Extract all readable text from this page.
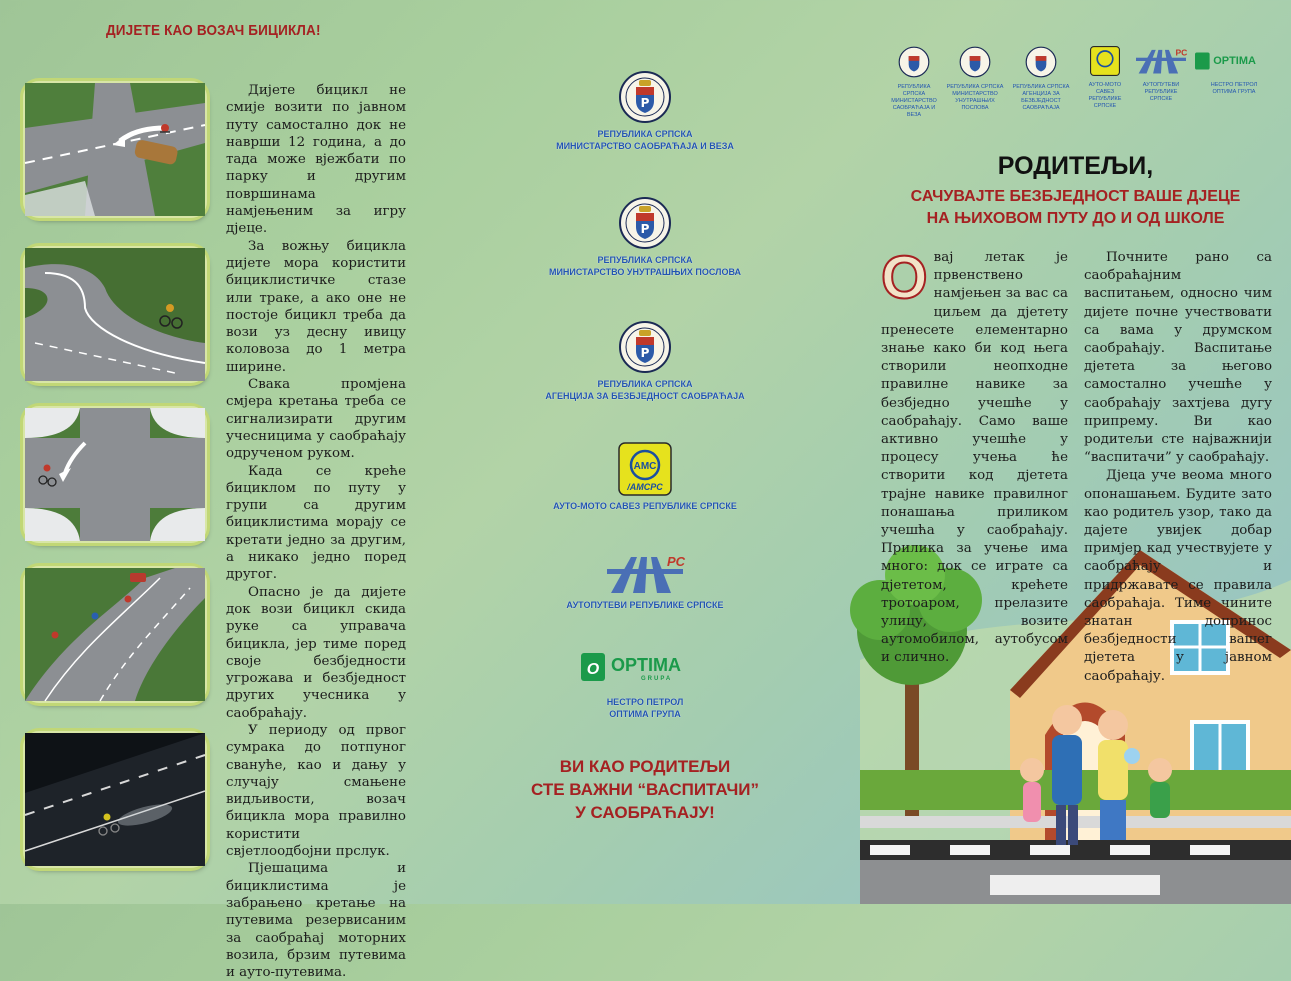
ДИЈЕТЕ КАО ВОЗАЧ БИЦИКЛА!

Дијете бицикл не смије возити по јавном путу самостално док не наврши 12 година, а до тада може вјежбати по парку и другим површинама намјењеним за игру дјеце.

За вожњу бицикла дијете мора користити бициклистичке стазе или траке, а ако оне не постоје бицикл треба да вози уз десну ивицу коловоза до 1 метра ширине.

Свака промјена смјера кретања треба се сигнализирати другим учесницима у саобраћају одрученом руком.

Када се креће бициклом по путу у групи са другим бициклистима морају се кретати једно за другим, а никако једно поред другог.

Опасно је да дијете док вози бицикл скида руке са управача бицикла, јер тиме поред своје безбједности угрожава и безбједност других учесника у саобраћају.

У периоду од првог сумрака до потпуног свануће, као и дању у случају смањене видљивости, возач бицикла мора правилно користити свјетлоодбојни прслук.

Пјешацима и бициклистима је забрањено кретање на путевима резервисаним за саобраћај моторних возила, брзим путевима и ауто-путевима.

Р
РЕПУБЛИКА СРПСКА
МИНИСТАРСТВО САОБРАЋАЈА И ВЕЗА
Р
РЕПУБЛИКА СРПСКА
МИНИСТАРСТВО УНУТРАШЊИХ ПОСЛОВА
Р
РЕПУБЛИКА СРПСКА
АГЕНЦИЈА ЗА БЕЗБЈЕДНОСТ САОБРАЋАЈА
АМС
/AMCPC
АУТО-МОТО САВЕЗ РЕПУБЛИКЕ СРПСКЕ
PC
АУТОПУТЕВИ РЕПУБЛИКЕ СРПСКЕ
O OPTIMA
GRUPA
НЕСТРО ПЕТРОЛ
ОПТИМА ГРУПА
ВИ КАО РОДИТЕЉИ
СТЕ ВАЖНИ “ВАСПИТАЧИ”
У САОБРАЋАЈУ!
РЕПУБЛИКА СРПСКА
МИНИСТАРСТВО
САОБРАЋАЈА И ВЕЗА
РЕПУБЛИКА СРПСКА
МИНИСТАРСТВО
УНУТРАШЊИХ ПОСЛОВА
РЕПУБЛИКА СРПСКА
АГЕНЦИЈА ЗА
БЕЗБЈЕДНОСТ САОБРАЋАЈА
АУТО-МОТО САВЕЗ
РЕПУБЛИКЕ СРПСКЕ
PC
АУТОПУТЕВИ
РЕПУБЛИКЕ СРПСКЕ
OPTIMA
НЕСТРО ПЕТРОЛ
ОПТИМА ГРУПА
РОДИТЕЉИ,
САЧУВАЈТЕ БЕЗБЈЕДНОСТ ВАШЕ ДЈЕЦЕ
НА ЊИХОВОМ ПУТУ ДО И ОД ШКОЛЕ
О вај летак је првенствено намјењен за вас са циљем да дјетету пренесете елементарно знање како би код њега створили неопходне правилне навике за безбједно учешће у саобраћају. Само ваше активно учешће у процесу учења ће створити код дјетета трајне навике правилног понашања приликом учешћа у саобраћају. Прилика за учење има много: док се играте са дјететом, крећете тротоаром, прелазите улицу, возите аутомобилом, аутобусом и слично.

Почните рано са саобраћајним васпитањем, односно чим дијете почне учествовати са вама у друмском саобраћају. Васпитање дјетета за његово самостално учешће у саобраћају захтјева дугу припрему. Ви као родитељи сте најважнији “васпитачи” у саобраћају.

Дјеца уче веома много опонашањем. Будите зато као родитељ узор, тако да дајете увијек добар примјер кад учествујете у саобраћају и придржавате се правила саобраћаја. Тиме чините знатан допринос безбједности вашег дјетета у јавном саобраћају.
